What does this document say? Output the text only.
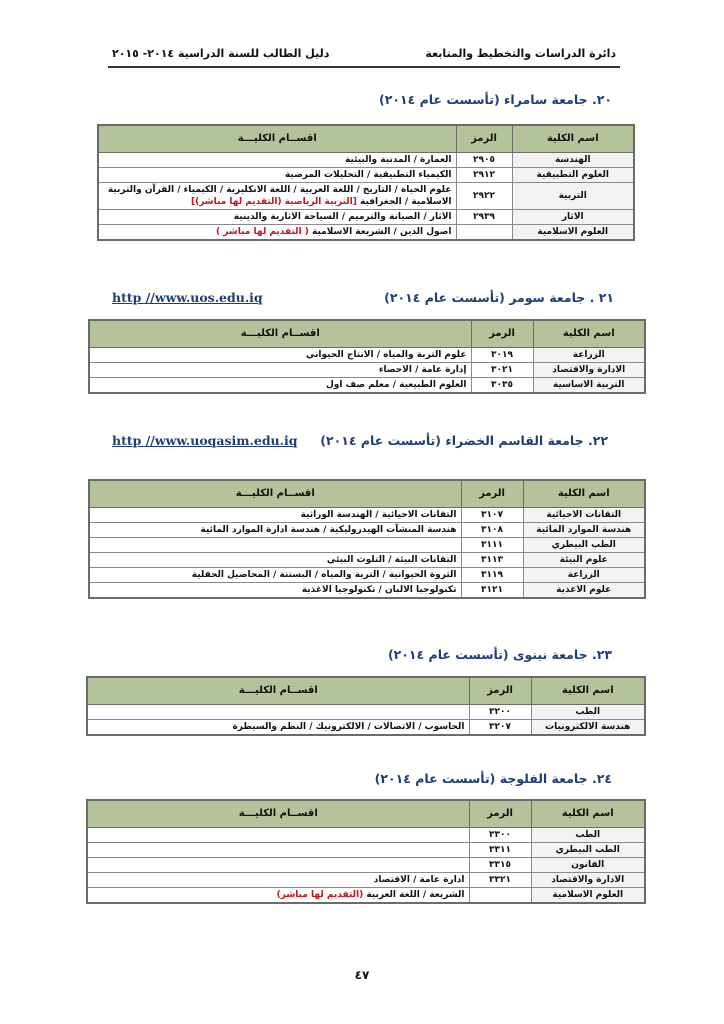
دائرة الدراسات والتخطيط والمتابعة
دليل الطالب للسنة الدراسية ٢٠١٤- ٢٠١٥
٢٠. جامعة سامراء (تأسست عام ٢٠١٤)
اسم الكلية	الرمز	اقســام الكليـــة
الهندسة	٢٩٠٥	العمارة / المدنية والبيئية
العلوم التطبيقية	٢٩١٢	الكيمياء التطبيقية / التحليلات المرضية
التربية	٢٩٢٢	علوم الحياة / التاريخ / اللغة العربية / اللغة الانكليزية / الكيمياء / القرآن والتربية الاسلامية / الجغرافية [التربية الرياضية (التقديم لها مباشر)]
الاثار	٢٩٣٩	الاثار / الصيانة والترميم / السياحة الاثارية والدينية
العلوم الاسلامية		اصول الدين / الشريعة الاسلامية ( التقديم لها مباشر )
٢١ . جامعة سومر (تأسست عام ٢٠١٤)
http //www.uos.edu.iq
اسم الكلية	الرمز	اقســام الكليـــة
الزراعة	٣٠١٩	علوم التربة والمياه / الانتاج الحيواني
الادارة والاقتصاد	٣٠٢١	إدارة عامة / الاحصاء
التربية الاساسية	٣٠٣٥	العلوم الطبيعية / معلم صف اول
٢٢. جامعة القاسم الخضراء (تأسست عام ٢٠١٤)
http //www.uoqasim.edu.iq
اسم الكلية	الرمز	اقســام الكليـــة
التقانات الاحيائية	٣١٠٧	التقانات الاحيائية / الهندسة الوراثية
هندسة الموارد المائية	٣١٠٨	هندسة المنشآت الهيدروليكية / هندسة ادارة الموارد المائية
الطب البيطري	٣١١١	
علوم البيئة	٣١١٣	التقانات البيئة / التلوث البيئي
الزراعة	٣١١٩	الثروة الحيوانية / التربة والمياه / البستنة / المحاصيل الحقلية
علوم الاغذية	٣١٢١	تكنولوجيا الالبان / تكنولوجيا الاغذية
٢٣. جامعة نينوى (تأسست عام ٢٠١٤)
اسم الكلية	الرمز	اقســام الكليـــة
الطب	٣٢٠٠	
هندسة الالكترونيات	٣٢٠٧	الحاسوب / الاتصالات / الالكترونيك / النظم والسيطرة
٢٤. جامعة الفلوجة (تأسست عام ٢٠١٤)
اسم الكلية	الرمز	اقســام الكليـــة
الطب	٣٣٠٠	
الطب البيطري	٣٣١١	
القانون	٣٣١٥	
الادارة والاقتصاد	٣٣٢١	ادارة عامة / الاقتصاد
العلوم الاسلامية		الشريعة / اللغة العربية (التقديم لها مباشر)
٤٧
